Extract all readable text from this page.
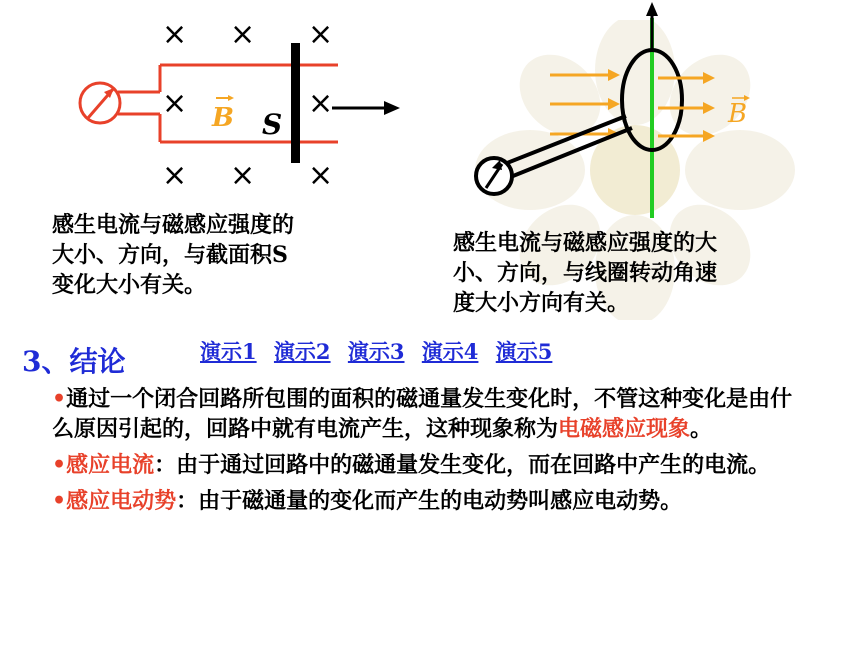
× × ×
×	×
× × ×
B S
感生电流与磁感应强度的
大小、方向，与截面积S
变化大小有关。
B
感生电流与磁感应强度的大
小、方向，与线圈转动角速
度大小方向有关。
3、结论	演示1 演示2 演示3 演示4 演示5
•通过一个闭合回路所包围的面积的磁通量发生变化时，不管这种变化是由什么原因引起的，回路中就有电流产生，这种现象称为电磁感应现象。
•感应电流：由于通过回路中的磁通量发生变化，而在回路中产生的电流。
•感应电动势：由于磁通量的变化而产生的电动势叫感应电动势。
